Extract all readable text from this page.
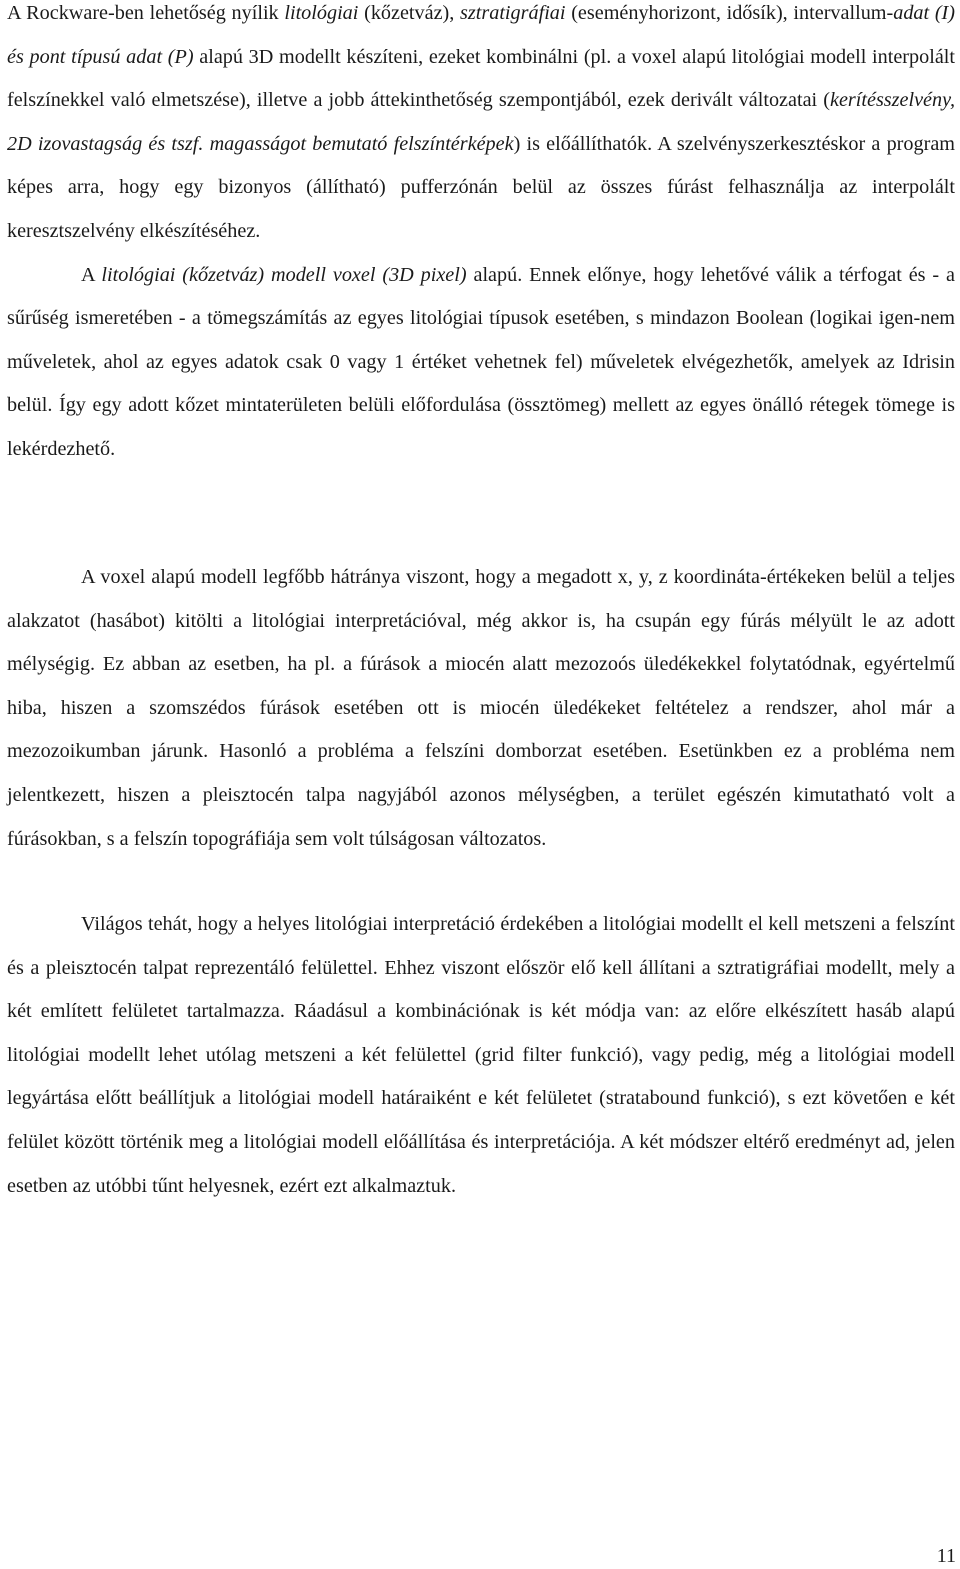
A Rockware-ben lehetőség nyílik litológiai (kőzetváz), sztratigráfiai (eseményhorizont, idősík), intervallum-adat (I) és pont típusú adat (P) alapú 3D modellt készíteni, ezeket kombinálni (pl. a voxel alapú litológiai modell interpolált felszínekkel való elmetszése), illetve a jobb áttekinthetőség szempontjából, ezek derivált változatai (kerítésszelvény, 2D izovastagság és tszf. magasságot bemutató felszíntérképek) is előállíthatók. A szelvényszerkesztéskor a program képes arra, hogy egy bizonyos (állítható) pufferzónán belül az összes fúrást felhasználja az interpolált keresztszelvény elkészítéséhez.
A litológiai (kőzetváz) modell voxel (3D pixel) alapú. Ennek előnye, hogy lehetővé válik a térfogat és - a sűrűség ismeretében - a tömegszámítás az egyes litológiai típusok esetében, s mindazon Boolean (logikai igen-nem műveletek, ahol az egyes adatok csak 0 vagy 1 értéket vehetnek fel) műveletek elvégezhetők, amelyek az Idrisin belül. Így egy adott kőzet mintaterületen belüli előfordulása (össztömeg) mellett az egyes önálló rétegek tömege is lekérdezhető.

A voxel alapú modell legfőbb hátránya viszont, hogy a megadott x, y, z koordináta-értékeken belül a teljes alakzatot (hasábot) kitölti a litológiai interpretációval, még akkor is, ha csupán egy fúrás mélyült le az adott mélységig. Ez abban az esetben, ha pl. a fúrások a miocén alatt mezozoós üledékekkel folytatódnak, egyértelmű hiba, hiszen a szomszédos fúrások esetében ott is miocén üledékeket feltételez a rendszer, ahol már a mezozoikumban járunk. Hasonló a probléma a felszíni domborzat esetében. Esetünkben ez a probléma nem jelentkezett, hiszen a pleisztocén talpa nagyjából azonos mélységben, a terület egészén kimutatható volt a fúrásokban, s a felszín topográfiája sem volt túlságosan változatos.

Világos tehát, hogy a helyes litológiai interpretáció érdekében a litológiai modellt el kell metszeni a felszínt és a pleisztocén talpat reprezentáló felülettel. Ehhez viszont először elő kell állítani a sztratigráfiai modellt, mely a két említett felületet tartalmazza. Ráadásul a kombinációnak is két módja van: az előre elkészített hasáb alapú litológiai modellt lehet utólag metszeni a két felülettel (grid filter funkció), vagy pedig, még a litológiai modell legyártása előtt beállítjuk a litológiai modell határaiként e két felületet (stratabound funkció), s ezt követően e két felület között történik meg a litológiai modell előállítása és interpretációja. A két módszer eltérő eredményt ad, jelen esetben az utóbbi tűnt helyesnek, ezért ezt alkalmaztuk.

11
